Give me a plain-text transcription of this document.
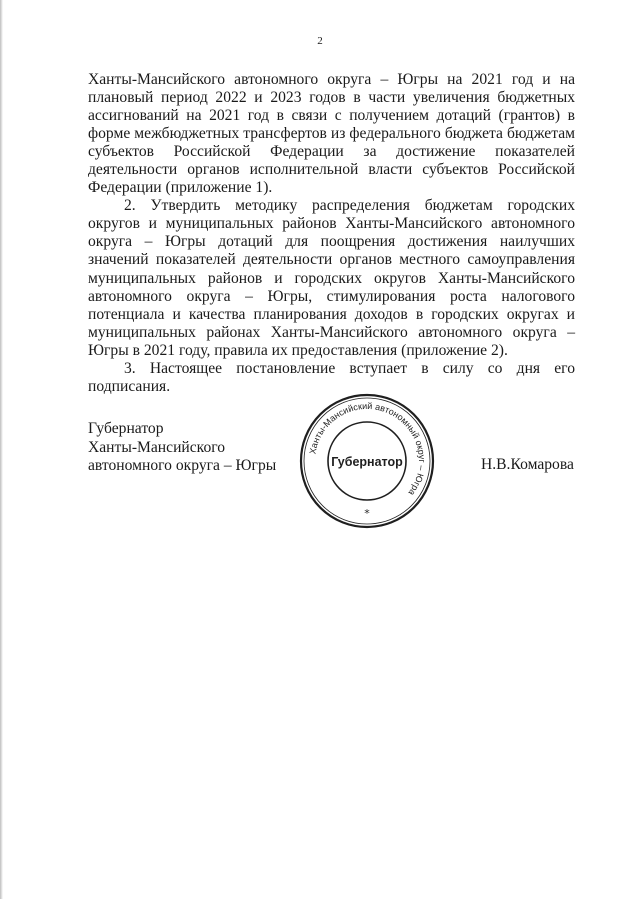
2

Ханты-Мансийского автономного округа – Югры на 2021 год и на плановый период 2022 и 2023 годов в части увеличения бюджетных ассигнований на 2021 год в связи с получением дотаций (грантов) в форме межбюджетных трансфертов из федерального бюджета бюджетам субъектов Российской Федерации за достижение показателей деятельности органов исполнительной власти субъектов Российской Федерации (приложение 1).

2. Утвердить методику распределения бюджетам городских округов и муниципальных районов Ханты-Мансийского автономного округа – Югры дотаций для поощрения достижения наилучших значений показателей деятельности органов местного самоуправления муниципальных районов и городских округов Ханты-Мансийского автономного округа – Югры, стимулирования роста налогового потенциала и качества планирования доходов в городских округах и муниципальных районах Ханты-Мансийского автономного округа – Югры в 2021 году, правила их предоставления (приложение 2).

3. Настоящее постановление вступает в силу со дня его подписания.

Губернатор
Ханты-Мансийского
автономного округа – Югры
Ханты-Мансийский автономный округ – Югра
Губернатор
*
Н.В.Комарова
